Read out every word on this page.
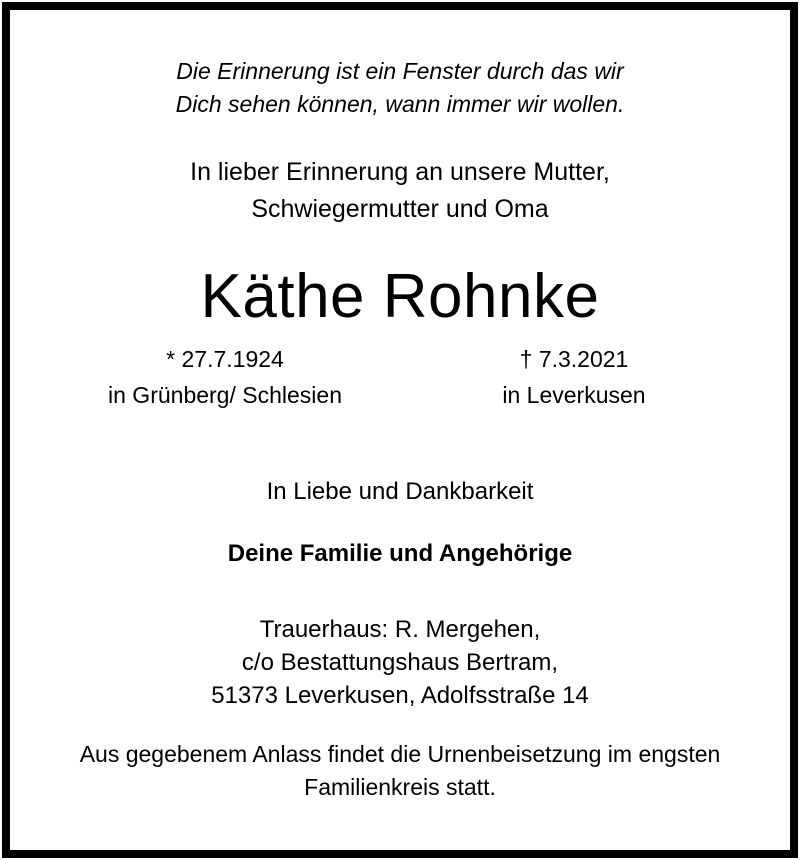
Die Erinnerung ist ein Fenster durch das wir
Dich sehen können, wann immer wir wollen.
In lieber Erinnerung an unsere Mutter,
Schwiegermutter und Oma
Käthe Rohnke
* 27.7.1924
in Grünberg/ Schlesien
† 7.3.2021
in Leverkusen
In Liebe und Dankbarkeit
Deine Familie und Angehörige
Trauerhaus: R. Mergehen,
c/o Bestattungshaus Bertram,
51373 Leverkusen, Adolfsstraße 14
Aus gegebenem Anlass findet die Urnenbeisetzung im engsten
Familienkreis statt.
